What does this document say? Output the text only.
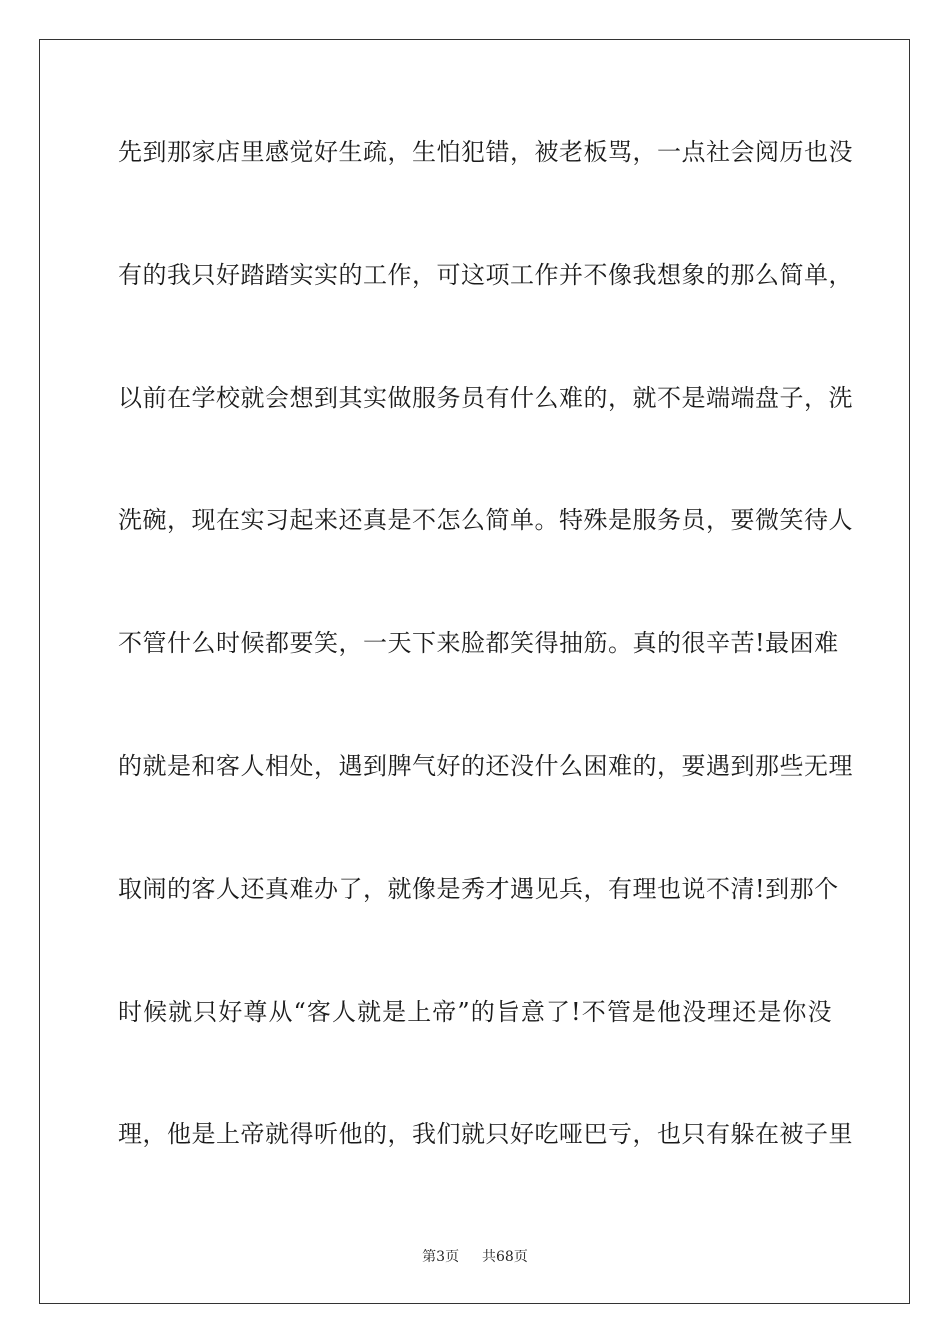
先到那家店里感觉好生疏，生怕犯错，被老板骂，一点社会阅历也没
有的我只好踏踏实实的工作，可这项工作并不像我想象的那么简单，
以前在学校就会想到其实做服务员有什么难的，就不是端端盘子，洗
洗碗，现在实习起来还真是不怎么简单。特殊是服务员，要微笑待人
不管什么时候都要笑，一天下来脸都笑得抽筋。真的很辛苦!最困难
的就是和客人相处，遇到脾气好的还没什么困难的，要遇到那些无理
取闹的客人还真难办了，就像是秀才遇见兵，有理也说不清!到那个
时候就只好尊从“客人就是上帝”的旨意了!不管是他没理还是你没
理，他是上帝就得听他的，我们就只好吃哑巴亏，也只有躲在被子里
第3页 共68页
